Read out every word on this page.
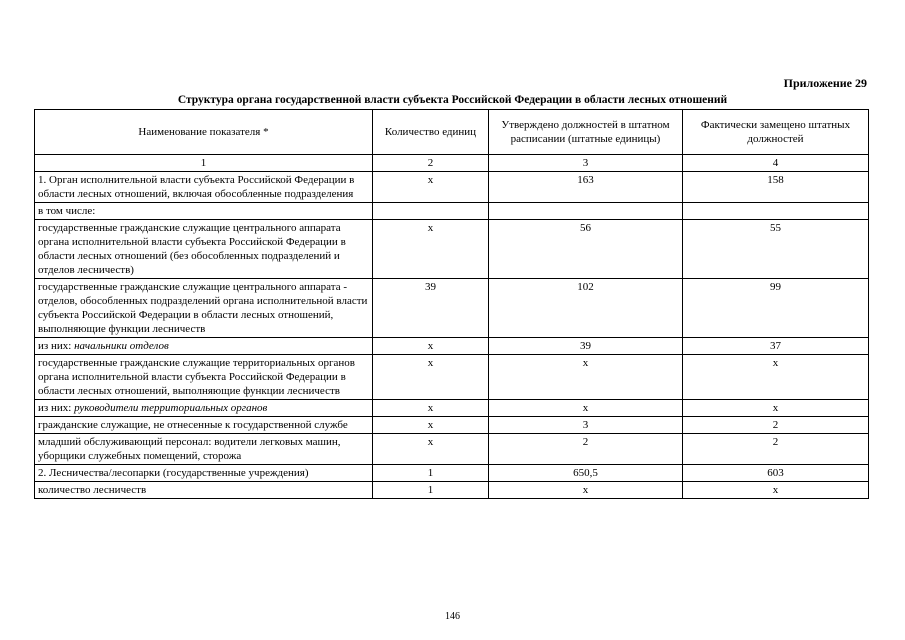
Приложение 29
Структура органа государственной власти субъекта Российской Федерации в области лесных отношений
Наименование показателя *	Количество единиц	Утверждено должностей в штатном расписании (штатные единицы)	Фактически замещено штатных должностей
1	2	3	4
1. Орган исполнительной власти субъекта Российской Федерации в области лесных отношений, включая обособленные подразделения	x	163	158
в том числе:			
государственные гражданские служащие центрального аппарата органа исполнительной власти субъекта Российской Федерации в области лесных отношений (без обособленных подразделений и отделов лесничеств)	x	56	55
государственные гражданские служащие центрального аппарата - отделов, обособленных подразделений органа исполнительной власти субъекта Российской Федерации в области лесных отношений, выполняющие функции лесничеств	39	102	99
из них: начальники отделов	x	39	37
государственные гражданские служащие территориальных органов органа исполнительной власти субъекта Российской Федерации в области лесных отношений, выполняющие функции лесничеств	x	x	x
из них: руководители территориальных органов	x	x	x
гражданские служащие, не отнесенные к государственной службе	x	3	2
младший обслуживающий персонал: водители легковых машин, уборщики служебных помещений, сторожа	x	2	2
2. Лесничества/лесопарки (государственные учреждения)	1	650,5	603
количество лесничеств	1	x	x
146
